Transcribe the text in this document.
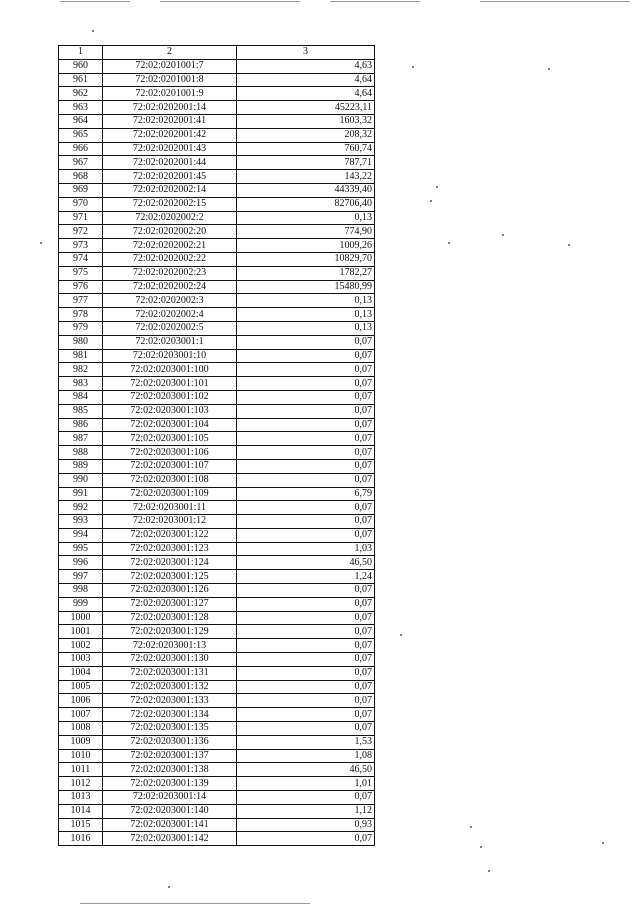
1	2	3
960	72:02:0201001:7	4,63
961	72:02:0201001:8	4,64
962	72:02:0201001:9	4,64
963	72:02:0202001:14	45223,11
964	72:02:0202001:41	1603,32
965	72:02:0202001:42	208,32
966	72:02:0202001:43	760,74
967	72:02:0202001:44	787,71
968	72:02:0202001:45	143,22
969	72:02:0202002:14	44339,40
970	72:02:0202002:15	82706,40
971	72:02:0202002:2	0,13
972	72:02:0202002:20	774,90
973	72:02:0202002:21	1009,26
974	72:02:0202002:22	10829,70
975	72:02:0202002:23	1782,27
976	72:02:0202002:24	15480,99
977	72:02:0202002:3	0,13
978	72:02:0202002:4	0,13
979	72:02:0202002:5	0,13
980	72:02:0203001:1	0,07
981	72:02:0203001:10	0,07
982	72:02:0203001:100	0,07
983	72:02:0203001:101	0,07
984	72:02:0203001:102	0,07
985	72:02:0203001:103	0,07
986	72:02:0203001:104	0,07
987	72:02:0203001:105	0,07
988	72:02:0203001:106	0,07
989	72:02:0203001:107	0,07
990	72:02:0203001:108	0,07
991	72:02:0203001:109	6,79
992	72:02:0203001:11	0,07
993	72:02:0203001:12	0,07
994	72:02:0203001:122	0,07
995	72:02:0203001:123	1,03
996	72:02:0203001:124	46,50
997	72:02:0203001:125	1,24
998	72:02:0203001:126	0,07
999	72:02:0203001:127	0,07
1000	72:02:0203001:128	0,07
1001	72:02:0203001:129	0,07
1002	72:02:0203001:13	0,07
1003	72:02:0203001:130	0,07
1004	72:02:0203001:131	0,07
1005	72:02:0203001:132	0,07
1006	72:02:0203001:133	0,07
1007	72:02:0203001:134	0,07
1008	72:02:0203001:135	0,07
1009	72:02:0203001:136	1,53
1010	72:02:0203001:137	1,08
1011	72:02:0203001:138	46,50
1012	72:02:0203001:139	1,01
1013	72:02:0203001:14	0,07
1014	72:02:0203001:140	1,12
1015	72:02:0203001:141	0,93
1016	72:02:0203001:142	0,07
